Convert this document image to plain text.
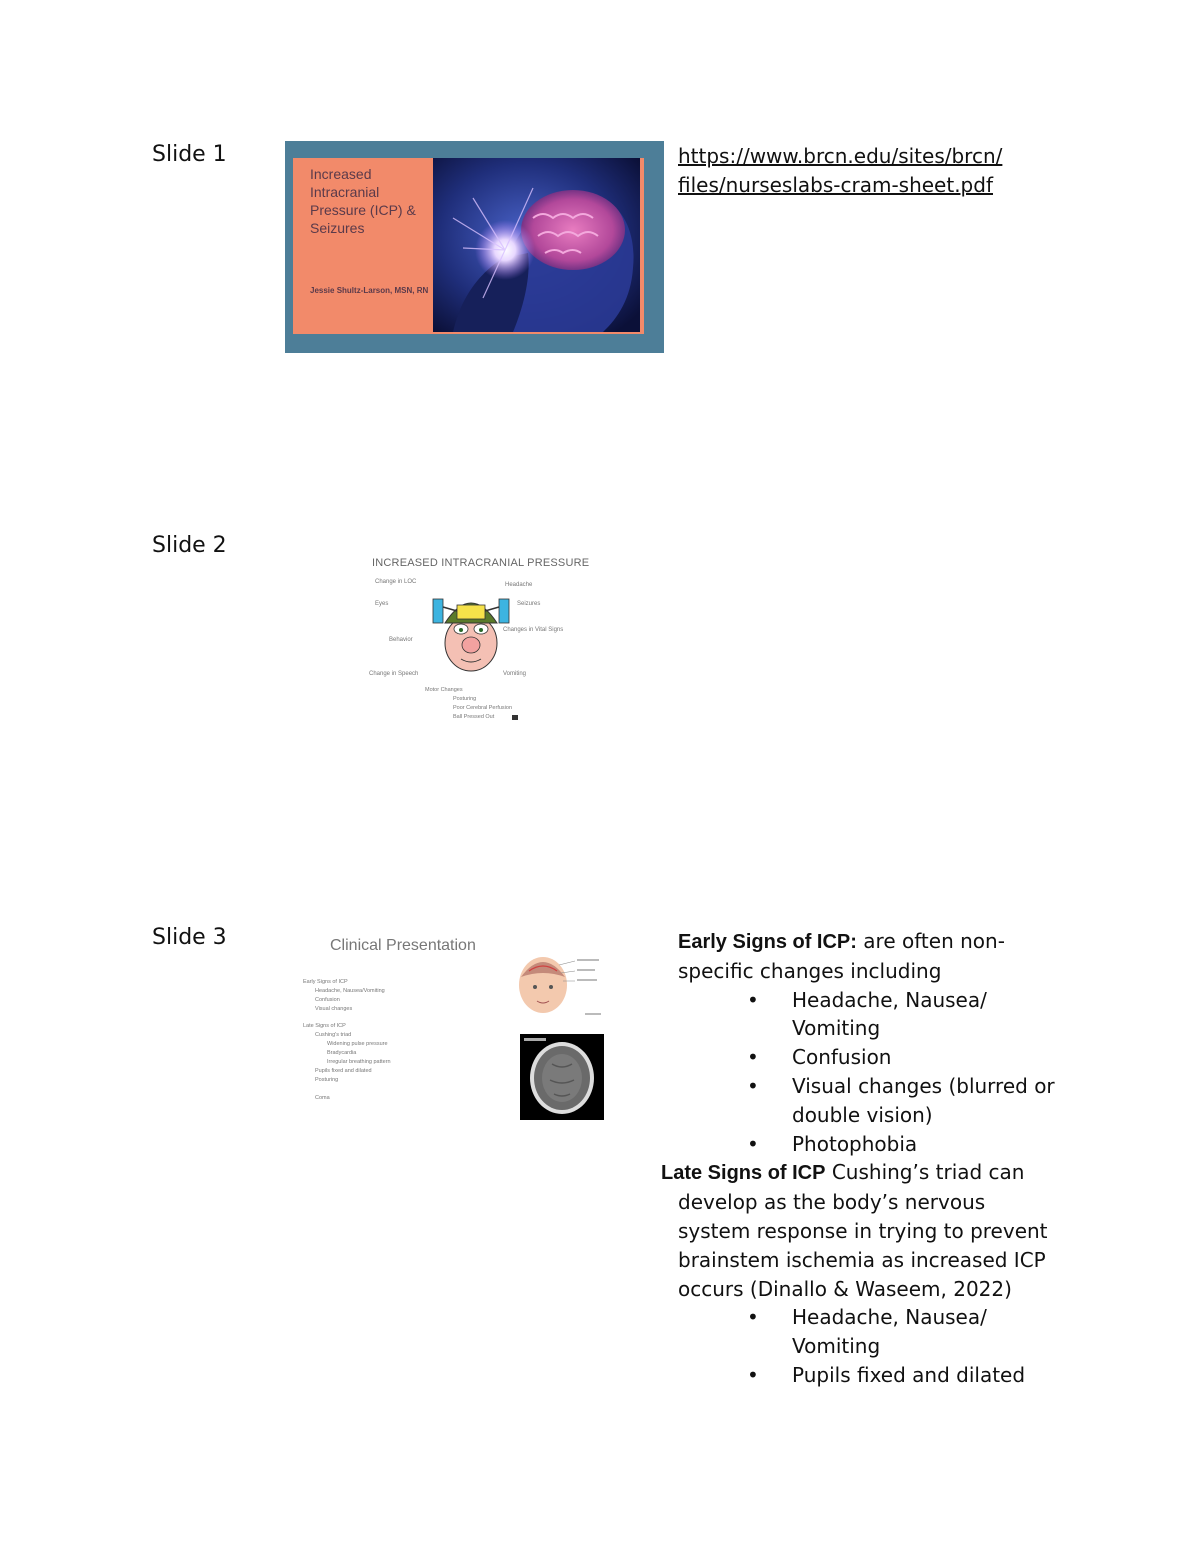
Slide 1
Increased
Intracranial
Pressure (ICP) &
Seizures
Jessie Shultz-Larson, MSN, RN
https://www.brcn.edu/sites/brcn/
files/nurseslabs-cram-sheet.pdf
Slide 2
INCREASED INTRACRANIAL PRESSURE
Change in LOC
Eyes
Behavior
Change in Speech
Headache
Seizures
Changes in Vital Signs
Vomiting
Motor Changes
Posturing
Poor Cerebral Perfusion
Ball Pressed Out
Slide 3	Clinical Presentation
Early Signs of ICP
Headache, Nausea/Vomiting
Confusion
Visual changes
Late Signs of ICP
Cushing's triad
Widening pulse pressure
Bradycardia
Irregular breathing pattern
Pupils fixed and dilated
Posturing
Coma
Early Signs of ICP: are often non-specific changes including
• Headache, Nausea/ Vomiting
• Confusion
• Visual changes (blurred or double vision)
• Photophobia
Late Signs of ICP Cushing’s triad can develop as the body’s nervous system response in trying to prevent brainstem ischemia as increased ICP occurs (Dinallo & Waseem, 2022)
• Headache, Nausea/ Vomiting
• Pupils fixed and dilated
